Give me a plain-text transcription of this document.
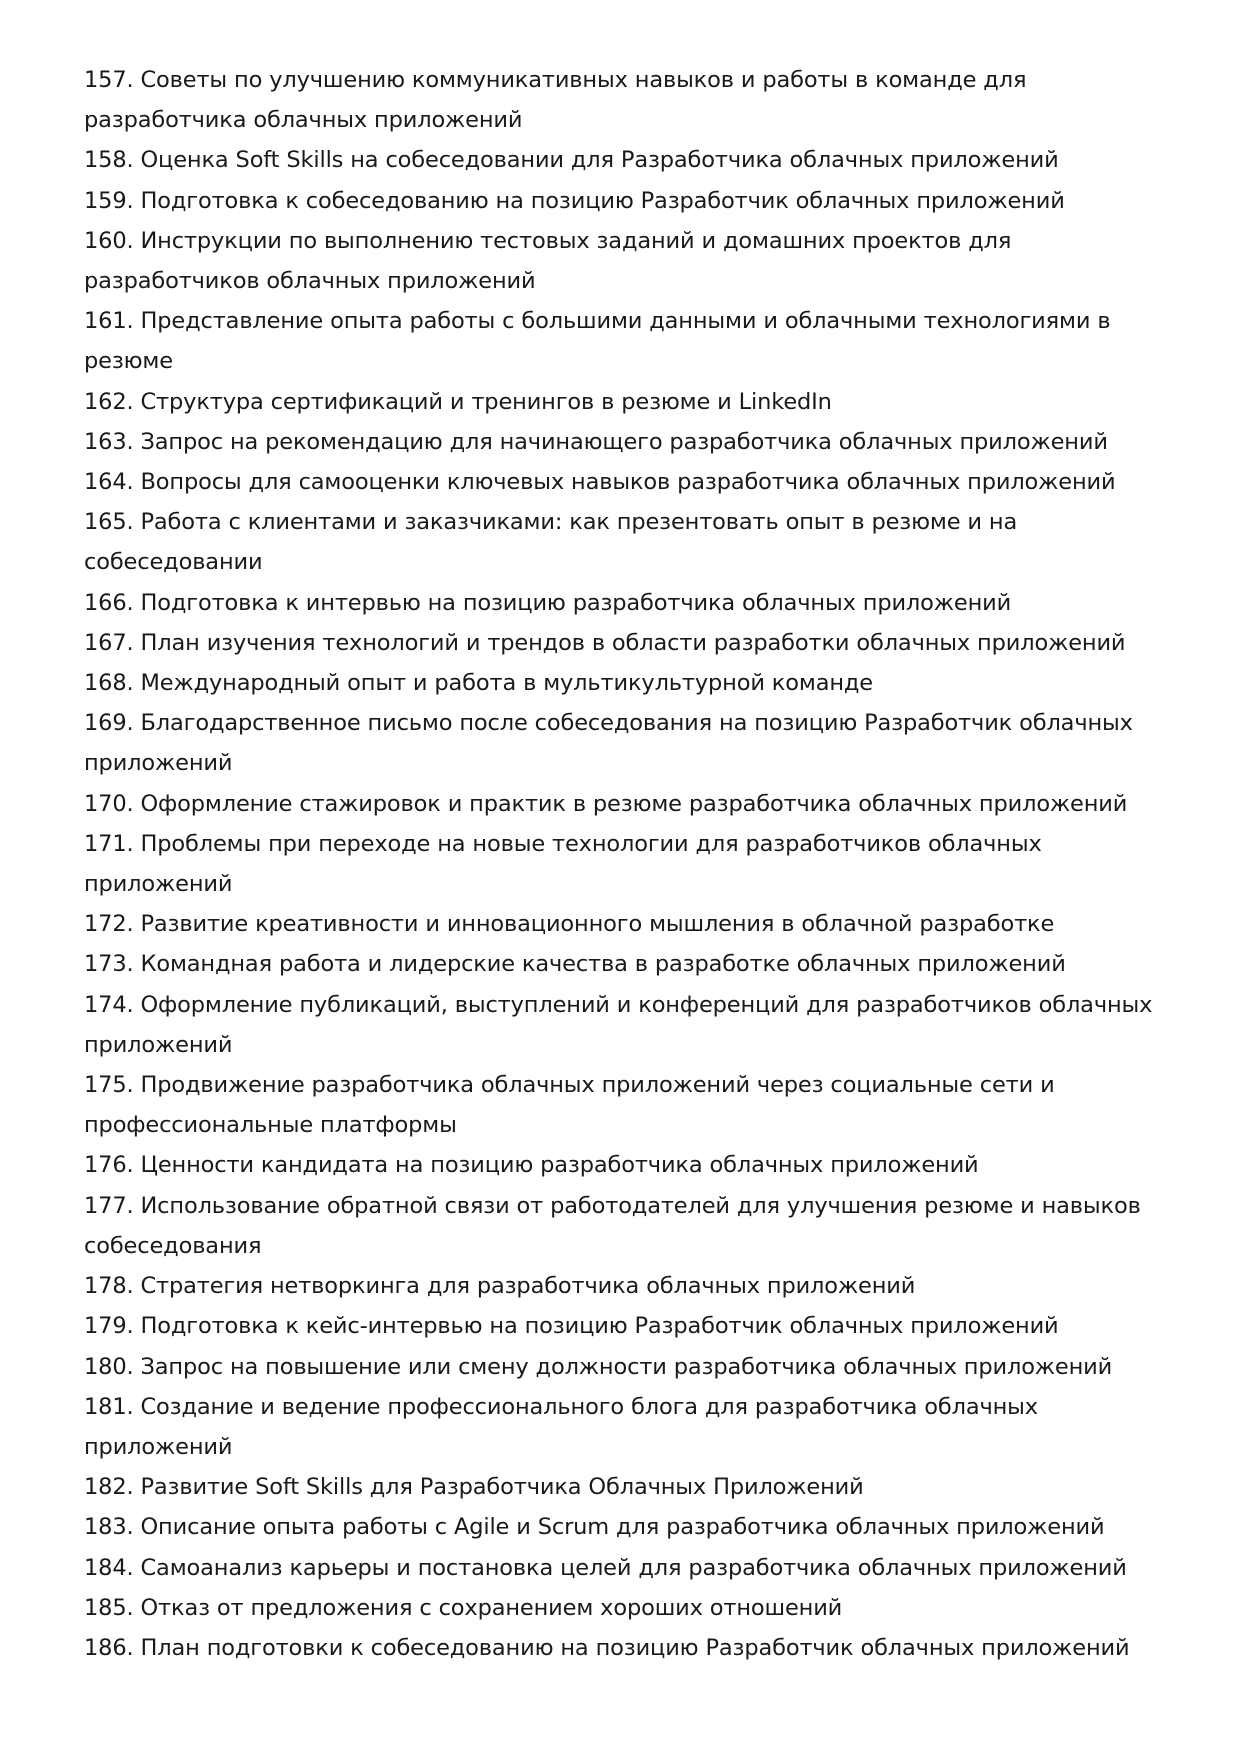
157. Советы по улучшению коммуникативных навыков и работы в команде для разработчика облачных приложений
158. Оценка Soft Skills на собеседовании для Разработчика облачных приложений
159. Подготовка к собеседованию на позицию Разработчик облачных приложений
160. Инструкции по выполнению тестовых заданий и домашних проектов для разработчиков облачных приложений
161. Представление опыта работы с большими данными и облачными технологиями в резюме
162. Структура сертификаций и тренингов в резюме и LinkedIn
163. Запрос на рекомендацию для начинающего разработчика облачных приложений
164. Вопросы для самооценки ключевых навыков разработчика облачных приложений
165. Работа с клиентами и заказчиками: как презентовать опыт в резюме и на собеседовании
166. Подготовка к интервью на позицию разработчика облачных приложений
167. План изучения технологий и трендов в области разработки облачных приложений
168. Международный опыт и работа в мультикультурной команде
169. Благодарственное письмо после собеседования на позицию Разработчик облачных приложений
170. Оформление стажировок и практик в резюме разработчика облачных приложений
171. Проблемы при переходе на новые технологии для разработчиков облачных приложений
172. Развитие креативности и инновационного мышления в облачной разработке
173. Командная работа и лидерские качества в разработке облачных приложений
174. Оформление публикаций, выступлений и конференций для разработчиков облачных приложений
175. Продвижение разработчика облачных приложений через социальные сети и профессиональные платформы
176. Ценности кандидата на позицию разработчика облачных приложений
177. Использование обратной связи от работодателей для улучшения резюме и навыков собеседования
178. Стратегия нетворкинга для разработчика облачных приложений
179. Подготовка к кейс-интервью на позицию Разработчик облачных приложений
180. Запрос на повышение или смену должности разработчика облачных приложений
181. Создание и ведение профессионального блога для разработчика облачных приложений
182. Развитие Soft Skills для Разработчика Облачных Приложений
183. Описание опыта работы с Agile и Scrum для разработчика облачных приложений
184. Самоанализ карьеры и постановка целей для разработчика облачных приложений
185. Отказ от предложения с сохранением хороших отношений
186. План подготовки к собеседованию на позицию Разработчик облачных приложений
